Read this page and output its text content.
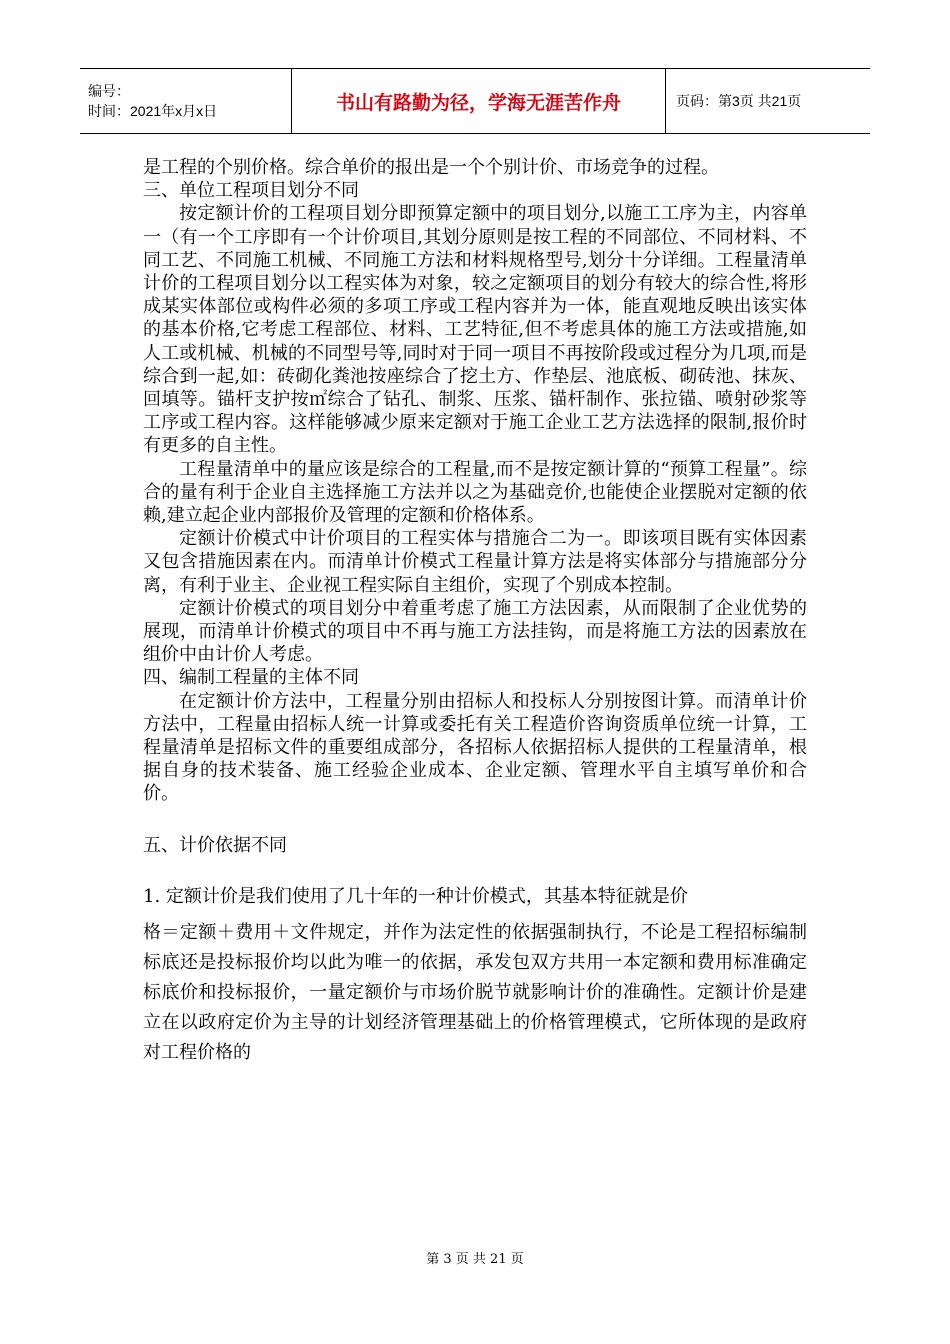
编号：
时间：2021年x月x日	书山有路勤为径，学海无涯苦作舟	页码：第3页 共21页

是工程的个别价格。综合单价的报出是一个个别计价、市场竞争的过程。

三、单位工程项目划分不同

按定额计价的工程项目划分即预算定额中的项目划分,以施工工序为主，内容单一（有一个工序即有一个计价项目,其划分原则是按工程的不同部位、不同材料、不同工艺、不同施工机械、不同施工方法和材料规格型号,划分十分详细。工程量清单计价的工程项目划分以工程实体为对象，较之定额项目的划分有较大的综合性,将形成某实体部位或构件必须的多项工序或工程内容并为一体，能直观地反映出该实体的基本价格,它考虑工程部位、材料、工艺特征,但不考虑具体的施工方法或措施,如人工或机械、机械的不同型号等,同时对于同一项目不再按阶段或过程分为几项,而是综合到一起,如：砖砌化粪池按座综合了挖土方、作垫层、池底板、砌砖池、抹灰、回填等。锚杆支护按㎡综合了钻孔、制浆、压浆、锚杆制作、张拉锚、喷射砂浆等工序或工程内容。这样能够减少原来定额对于施工企业工艺方法选择的限制,报价时有更多的自主性。

工程量清单中的量应该是综合的工程量,而不是按定额计算的“预算工程量”。综合的量有利于企业自主选择施工方法并以之为基础竞价,也能使企业摆脱对定额的依赖,建立起企业内部报价及管理的定额和价格体系。

定额计价模式中计价项目的工程实体与措施合二为一。即该项目既有实体因素又包含措施因素在内。而清单计价模式工程量计算方法是将实体部分与措施部分分离，有利于业主、企业视工程实际自主组价，实现了个别成本控制。

定额计价模式的项目划分中着重考虑了施工方法因素，从而限制了企业优势的展现，而清单计价模式的项目中不再与施工方法挂钩，而是将施工方法的因素放在组价中由计价人考虑。

四、编制工程量的主体不同

在定额计价方法中，工程量分别由招标人和投标人分别按图计算。而清单计价方法中，工程量由招标人统一计算或委托有关工程造价咨询资质单位统一计算，工程量清单是招标文件的重要组成部分，各招标人依据招标人提供的工程量清单，根据自身的技术装备、施工经验企业成本、企业定额、管理水平自主填写单价和合价。

五、计价依据不同

1. 定额计价是我们使用了几十年的一种计价模式，其基本特征就是价

格＝定额＋费用＋文件规定，并作为法定性的依据强制执行，不论是工程招标编制标底还是投标报价均以此为唯一的依据，承发包双方共用一本定额和费用标准确定标底价和投标报价，一量定额价与市场价脱节就影响计价的准确性。定额计价是建立在以政府定价为主导的计划经济管理基础上的价格管理模式，它所体现的是政府对工程价格的

第 3 页 共 21 页
